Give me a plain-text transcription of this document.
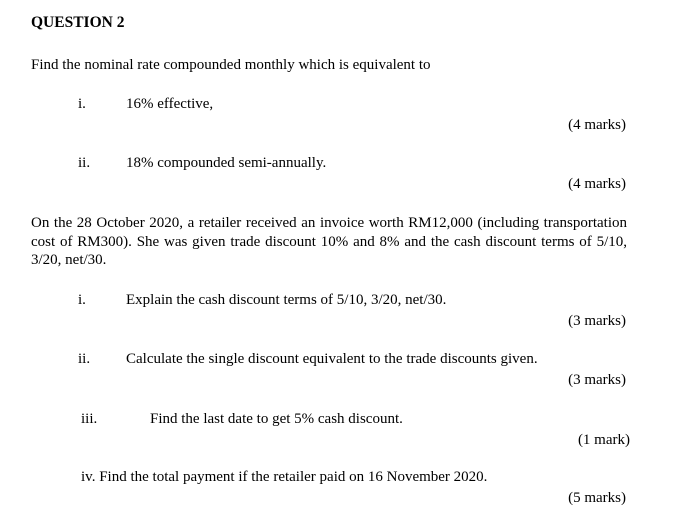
QUESTION 2
Find the nominal rate compounded monthly which is equivalent to
i.	16% effective,
(4 marks)
ii. 18% compounded semi-annually.
(4 marks)
On the 28 October 2020, a retailer received an invoice worth RM12,000 (including transportation cost of RM300). She was given trade discount 10% and 8% and the cash discount terms of 5/10, 3/20, net/30.
i.	Explain the cash discount terms of 5/10, 3/20, net/30.
(3 marks)
ii. Calculate the single discount equivalent to the trade discounts given.
(3 marks)
iii.	Find the last date to get 5% cash discount.
(1 mark)
iv. Find the total payment if the retailer paid on 16 November 2020.
(5 marks)
